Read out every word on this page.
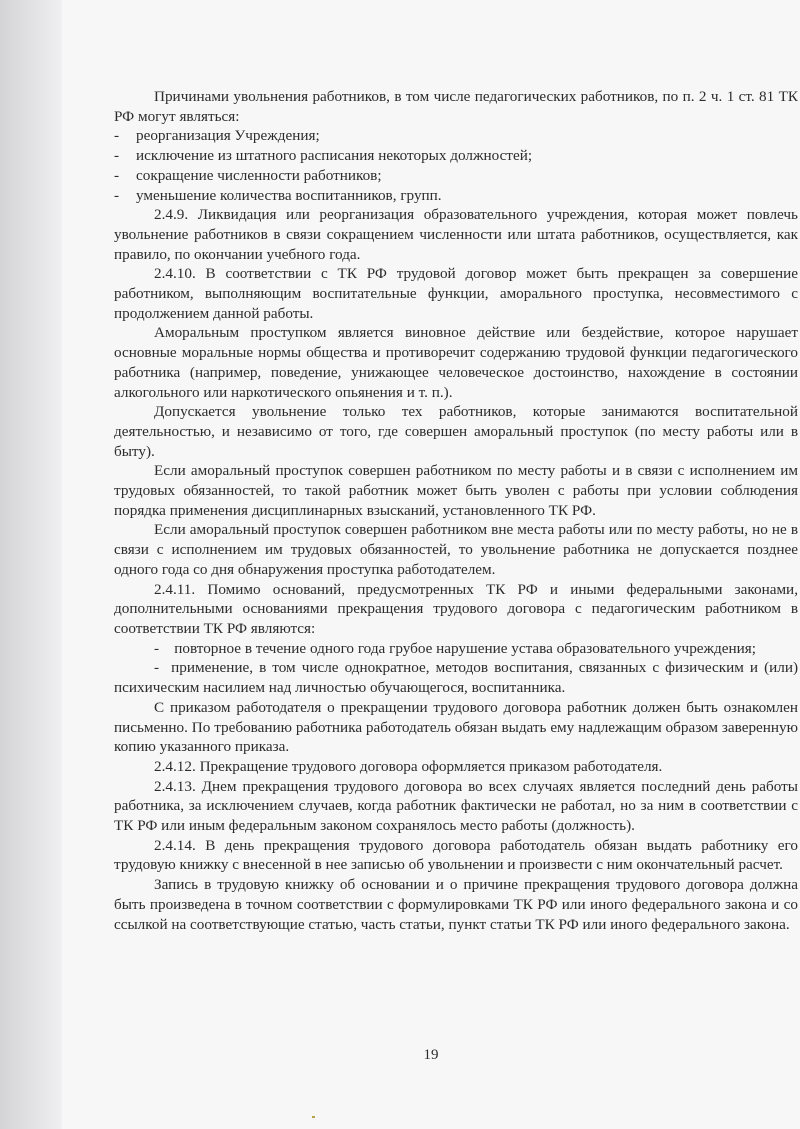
Причинами увольнения работников, в том числе педагогических работников, по п. 2 ч. 1 ст. 81 ТК РФ могут являться:

- реорганизация Учреждения;

- исключение из штатного расписания некоторых должностей;

- сокращение численности работников;

- уменьшение количества воспитанников, групп.

2.4.9. Ликвидация или реорганизация образовательного учреждения, которая может повлечь увольнение работников в связи сокращением численности или штата работников, осуществляется, как правило, по окончании учебного года.

2.4.10. В соответствии с ТК РФ трудовой договор может быть прекращен за совершение работником, выполняющим воспитательные функции, аморального проступка, несовместимого с продолжением данной работы.

Аморальным проступком является виновное действие или бездействие, которое нарушает основные моральные нормы общества и противоречит содержанию трудовой функции педагогического работника (например, поведение, унижающее человеческое достоинство, нахождение в состоянии алкогольного или наркотического опьянения и т. п.).

Допускается увольнение только тех работников, которые занимаются воспитательной деятельностью, и независимо от того, где совершен аморальный проступок (по месту работы или в быту).

Если аморальный проступок совершен работником по месту работы и в связи с исполнением им трудовых обязанностей, то такой работник может быть уволен с работы при условии соблюдения порядка применения дисциплинарных взысканий, установленного ТК РФ.

Если аморальный проступок совершен работником вне места работы или по месту работы, но не в связи с исполнением им трудовых обязанностей, то увольнение работника не допускается позднее одного года со дня обнаружения проступка работодателем.

2.4.11. Помимо оснований, предусмотренных ТК РФ и иными федеральными законами, дополнительными основаниями прекращения трудового договора с педагогическим работником в соответствии ТК РФ являются:

- повторное в течение одного года грубое нарушение устава образовательного учреждения;

- применение, в том числе однократное, методов воспитания, связанных с физическим и (или) психическим насилием над личностью обучающегося, воспитанника.

С приказом работодателя о прекращении трудового договора работник должен быть ознакомлен письменно. По требованию работника работодатель обязан выдать ему надлежащим образом заверенную копию указанного приказа.

2.4.12. Прекращение трудового договора оформляется приказом работодателя.

2.4.13. Днем прекращения трудового договора во всех случаях является последний день работы работника, за исключением случаев, когда работник фактически не работал, но за ним в соответствии с ТК РФ или иным федеральным законом сохранялось место работы (должность).

2.4.14. В день прекращения трудового договора работодатель обязан выдать работнику его трудовую книжку с внесенной в нее записью об увольнении и произвести с ним окончательный расчет.

Запись в трудовую книжку об основании и о причине прекращения трудового договора должна быть произведена в точном соответствии с формулировками ТК РФ или иного федерального закона и со ссылкой на соответствующие статью, часть статьи, пункт статьи ТК РФ или иного федерального закона.

19
